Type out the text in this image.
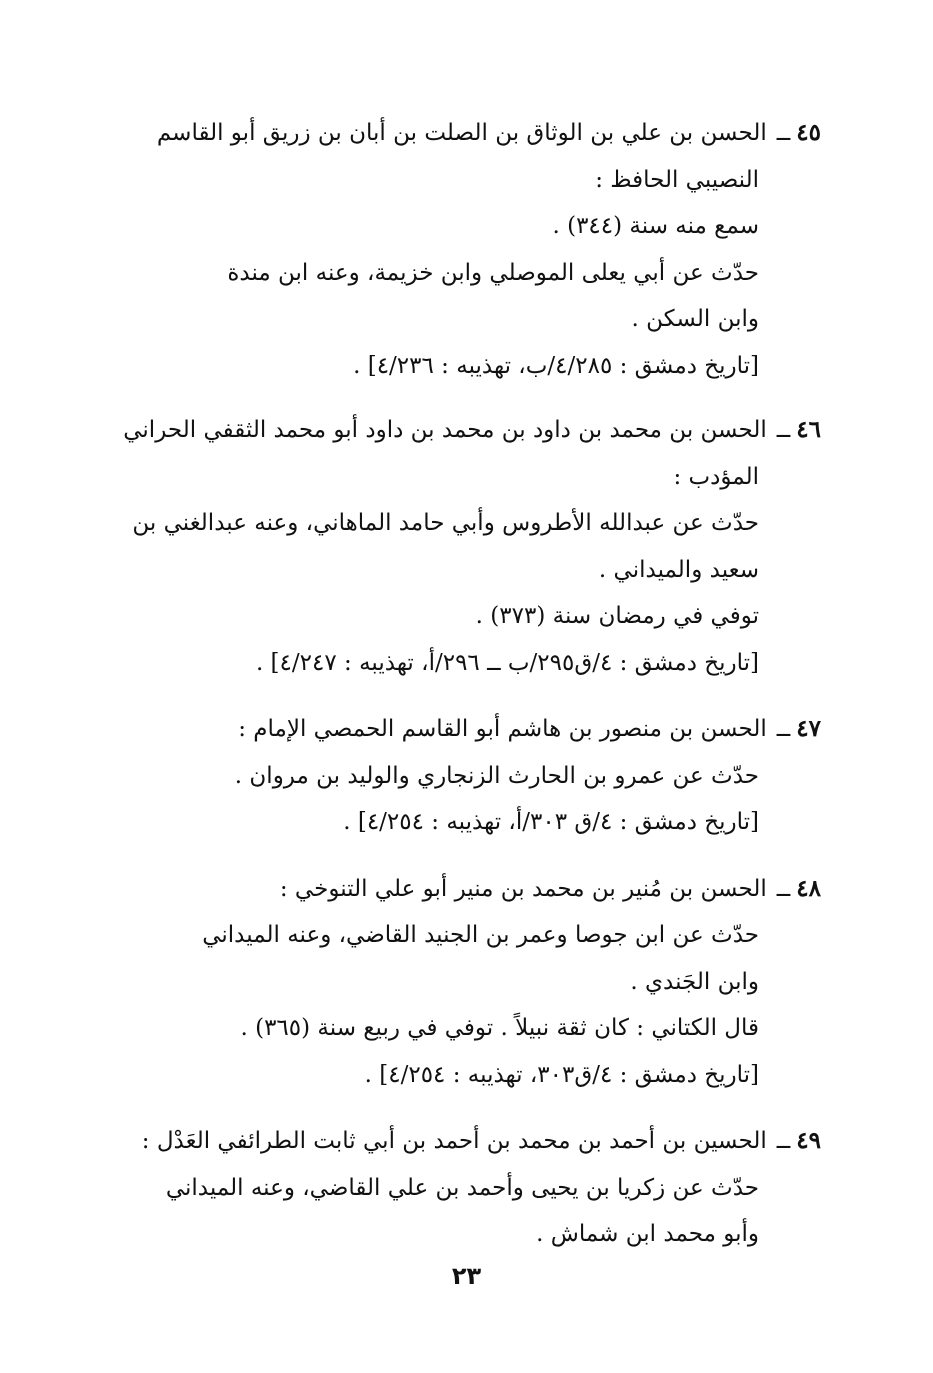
٤٥ــالحسن بن علي بن الوثاق بن الصلت بن أبان بن زريق أبو القاسم
النصيبي الحافظ :
سمع منه سنة (٣٤٤) .
حدّث عن أبي يعلى الموصلي وابن خزيمة، وعنه ابن مندة
وابن السكن .
[تاريخ دمشق : ٤/٢٨٥/ب، تهذيبه : ٤/٢٣٦] .
٤٦ــالحسن بن محمد بن داود بن محمد بن داود أبو محمد الثقفي الحراني
المؤدب :
حدّث عن عبدالله الأطروس وأبي حامد الماهاني، وعنه عبدالغني بن
سعيد والميداني .
توفي في رمضان سنة (٣٧٣) .
[تاريخ دمشق : ٤/ق٢٩٥/ب ــ ٢٩٦/أ، تهذيبه : ٤/٢٤٧] .
٤٧ــالحسن بن منصور بن هاشم أبو القاسم الحمصي الإمام :
حدّث عن عمرو بن الحارث الزنجاري والوليد بن مروان .
[تاريخ دمشق : ٤/ق ٣٠٣/أ، تهذيبه : ٤/٢٥٤] .
٤٨ــالحسن بن مُنير بن محمد بن منير أبو علي التنوخي :
حدّث عن ابن جوصا وعمر بن الجنيد القاضي، وعنه الميداني
وابن الجَندي .
قال الكتاني : كان ثقة نبيلاً . توفي في ربيع سنة (٣٦٥) .
[تاريخ دمشق : ٤/ق٣٠٣، تهذيبه : ٤/٢٥٤] .
٤٩ــالحسين بن أحمد بن محمد بن أحمد بن أبي ثابت الطرائفي العَدْل :
حدّث عن زكريا بن يحيى وأحمد بن علي القاضي، وعنه الميداني
وأبو محمد ابن شماش .
٢٣
